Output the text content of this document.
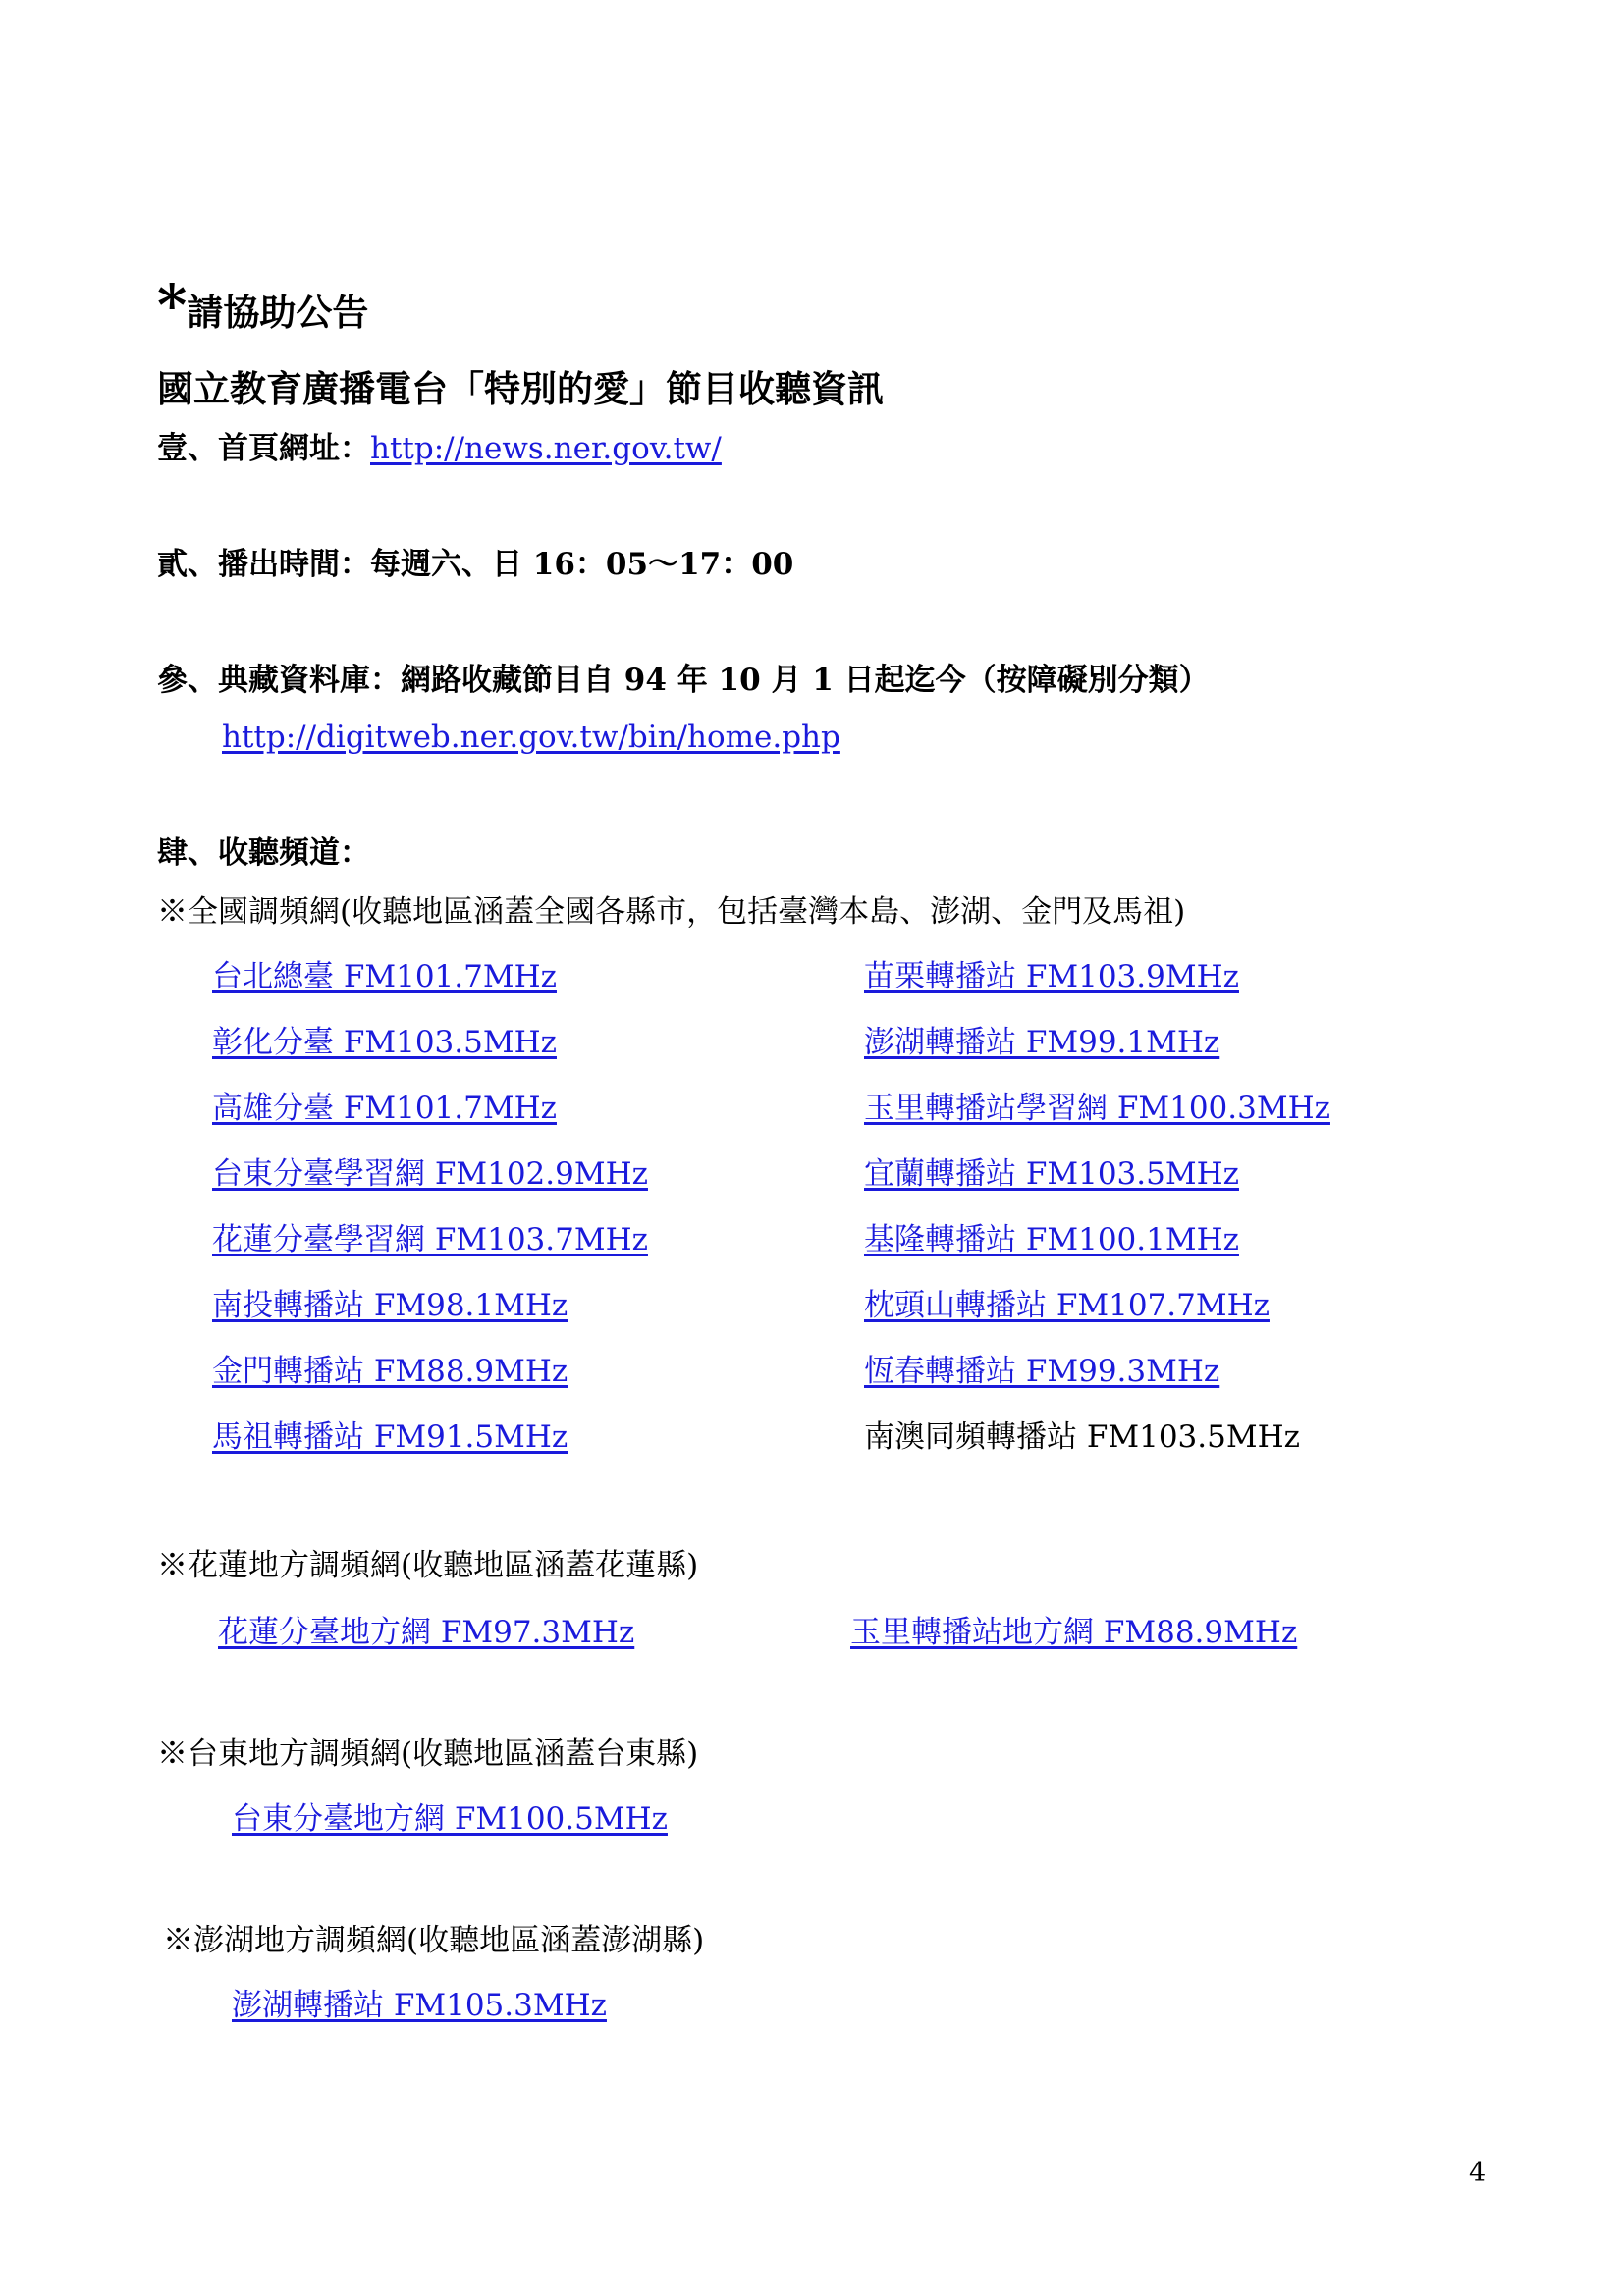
*請協助公告
國立教育廣播電台「特別的愛」節目收聽資訊
壹、首頁網址：http://news.ner.gov.tw/
貳、播出時間：每週六、日 16：05～17：00
參、典藏資料庫：網路收藏節目自 94 年 10 月 1 日起迄今（按障礙別分類）
http://digitweb.ner.gov.tw/bin/home.php
肆、收聽頻道：
※全國調頻網(收聽地區涵蓋全國各縣市，包括臺灣本島、澎湖、金門及馬祖)
台北總臺 FM101.7MHz
彰化分臺 FM103.5MHz
高雄分臺 FM101.7MHz
台東分臺學習網 FM102.9MHz
花蓮分臺學習網 FM103.7MHz
南投轉播站 FM98.1MHz
金門轉播站 FM88.9MHz
馬祖轉播站 FM91.5MHz
苗栗轉播站 FM103.9MHz
澎湖轉播站 FM99.1MHz
玉里轉播站學習網 FM100.3MHz
宜蘭轉播站 FM103.5MHz
基隆轉播站 FM100.1MHz
枕頭山轉播站 FM107.7MHz
恆春轉播站 FM99.3MHz
南澳同頻轉播站 FM103.5MHz
※花蓮地方調頻網(收聽地區涵蓋花蓮縣)
花蓮分臺地方網 FM97.3MHz	玉里轉播站地方網 FM88.9MHz
※台東地方調頻網(收聽地區涵蓋台東縣)
台東分臺地方網 FM100.5MHz
※澎湖地方調頻網(收聽地區涵蓋澎湖縣)
澎湖轉播站 FM105.3MHz
4
